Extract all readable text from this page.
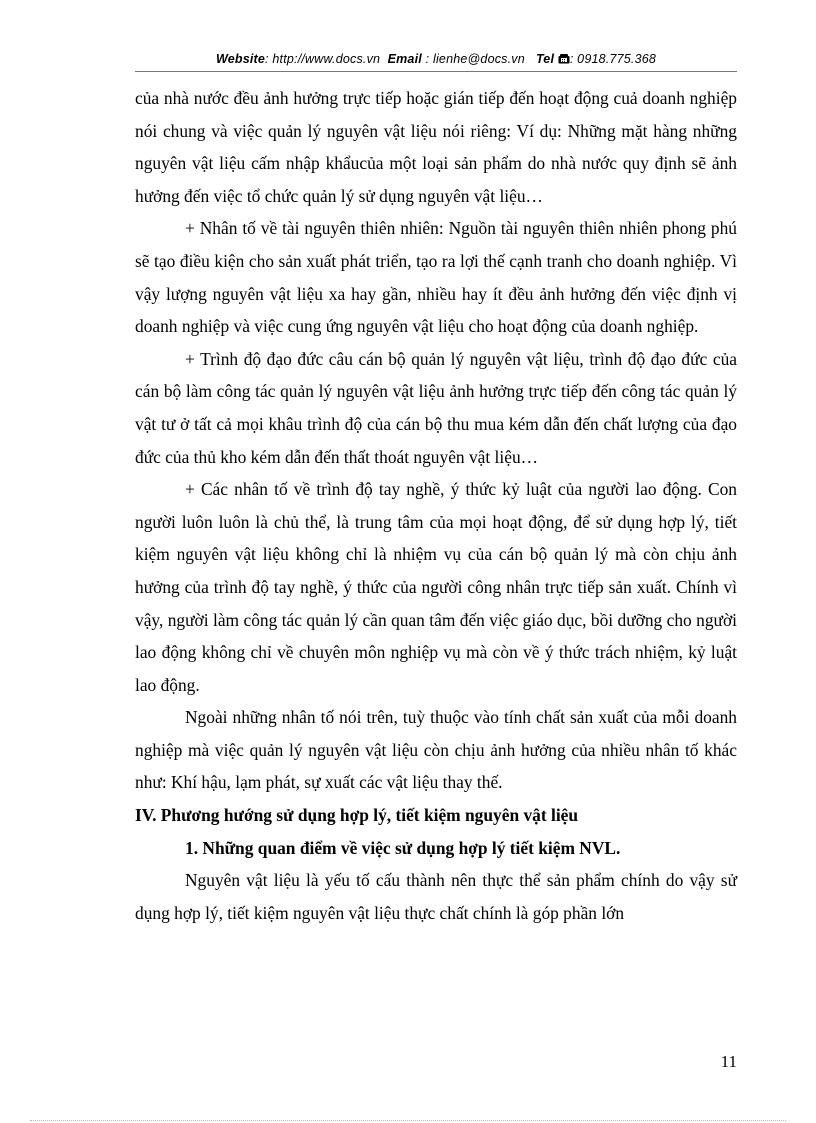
Website: http://www.docs.vn Email : lienhe@docs.vn Tel : 0918.775.368

của nhà nước đều ảnh hưởng trực tiếp hoặc gián tiếp đến hoạt động cuả doanh nghiệp nói chung và việc quản lý nguyên vật liệu nói riêng: Ví dụ: Những mặt hàng những nguyên vật liệu cấm nhập khẩucủa một loại sản phẩm do nhà nước quy định sẽ ảnh hưởng đến việc tổ chức quản lý sử dụng nguyên vật liệu…

+ Nhân tố về tài nguyên thiên nhiên: Nguồn tài nguyên thiên nhiên phong phú sẽ tạo điều kiện cho sản xuất phát triển, tạo ra lợi thế cạnh tranh cho doanh nghiệp. Vì vậy lượng nguyên vật liệu xa hay gần, nhiều hay ít đều ảnh hưởng đến việc định vị doanh nghiệp và việc cung ứng nguyên vật liệu cho hoạt động của doanh nghiệp.

+ Trình độ đạo đức câu cán bộ quản lý nguyên vật liệu, trình độ đạo đức của cán bộ làm công tác quản lý nguyên vật liệu ảnh hưởng trực tiếp đến công tác quản lý vật tư ở tất cả mọi khâu trình độ của cán bộ thu mua kém dẫn đến chất lượng của đạo đức của thủ kho kém dẫn đến thất thoát nguyên vật liệu…

+ Các nhân tố về trình độ tay nghề, ý thức kỷ luật của người lao động. Con người luôn luôn là chủ thể, là trung tâm của mọi hoạt động, để sử dụng hợp lý, tiết kiệm nguyên vật liệu không chỉ là nhiệm vụ của cán bộ quản lý mà còn chịu ảnh hưởng của trình độ tay nghề, ý thức của người công nhân trực tiếp sản xuất. Chính vì vậy, người làm công tác quản lý cần quan tâm đến việc giáo dục, bồi dưỡng cho người lao động không chỉ về chuyên môn nghiệp vụ mà còn về ý thức trách nhiệm, kỷ luật lao động.

Ngoài những nhân tố nói trên, tuỳ thuộc vào tính chất sản xuất của mỗi doanh nghiệp mà việc quản lý nguyên vật liệu còn chịu ảnh hưởng của nhiều nhân tố khác như: Khí hậu, lạm phát, sự xuất các vật liệu thay thế.

IV. Phương hướng sử dụng hợp lý, tiết kiệm nguyên vật liệu

1. Những quan điểm về việc sử dụng hợp lý tiết kiệm NVL.

Nguyên vật liệu là yếu tố cấu thành nên thực thể sản phẩm chính do vậy sử dụng hợp lý, tiết kiệm nguyên vật liệu thực chất chính là góp phần lớn

11
